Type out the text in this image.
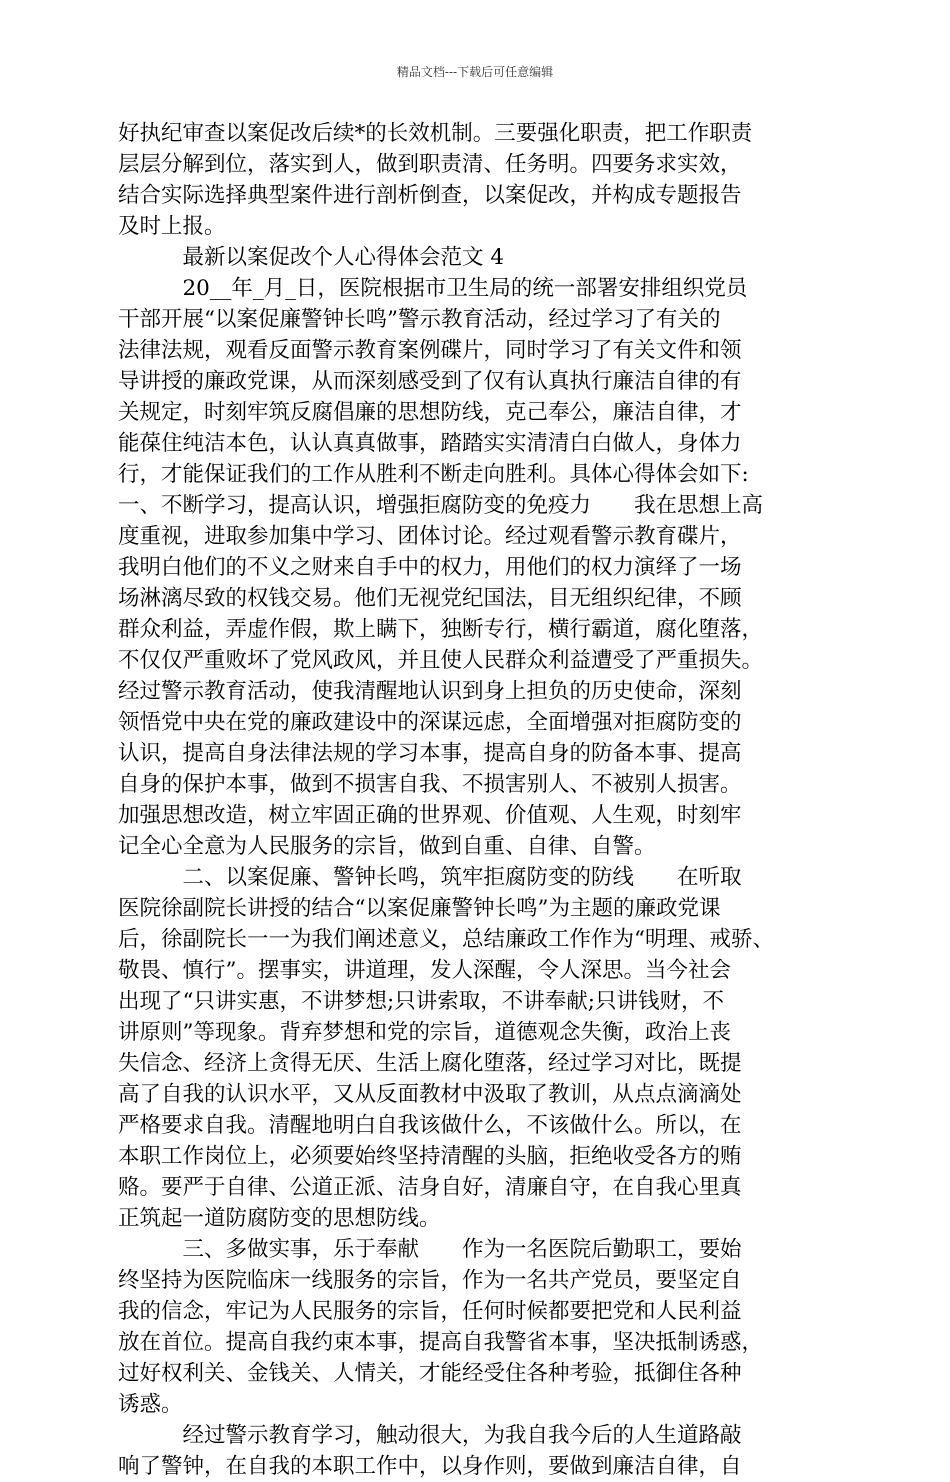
精品文档---下载后可任意编辑
好执纪审查以案促改后续*的长效机制。三要强化职责，把工作职责
层层分解到位，落实到人，做到职责清、任务明。四要务求实效，
结合实际选择典型案件进行剖析倒查，以案促改，并构成专题报告
及时上报。
　　　最新以案促改个人心得体会范文 4
　　　20__年_月_日，医院根据市卫生局的统一部署安排组织党员
干部开展“以案促廉警钟长鸣”警示教育活动，经过学习了有关的
法律法规，观看反面警示教育案例碟片，同时学习了有关文件和领
导讲授的廉政党课，从而深刻感受到了仅有认真执行廉洁自律的有
关规定，时刻牢筑反腐倡廉的思想防线，克己奉公，廉洁自律，才
能葆住纯洁本色，认认真真做事，踏踏实实清清白白做人，身体力
行，才能保证我们的工作从胜利不断走向胜利。具体心得体会如下:
一、不断学习，提高认识，增强拒腐防变的免疫力　　我在思想上高
度重视，进取参加集中学习、团体讨论。经过观看警示教育碟片，
我明白他们的不义之财来自手中的权力，用他们的权力演绎了一场
场淋漓尽致的权钱交易。他们无视党纪国法，目无组织纪律，不顾
群众利益，弄虚作假，欺上瞒下，独断专行，横行霸道，腐化堕落，
不仅仅严重败坏了党风政风，并且使人民群众利益遭受了严重损失。
经过警示教育活动，使我清醒地认识到身上担负的历史使命，深刻
领悟党中央在党的廉政建设中的深谋远虑，全面增强对拒腐防变的
认识，提高自身法律法规的学习本事，提高自身的防备本事、提高
自身的保护本事，做到不损害自我、不损害别人、不被别人损害。
加强思想改造，树立牢固正确的世界观、价值观、人生观，时刻牢
记全心全意为人民服务的宗旨，做到自重、自律、自警。
　　　二、以案促廉、警钟长鸣，筑牢拒腐防变的防线　　在听取
医院徐副院长讲授的结合“以案促廉警钟长鸣”为主题的廉政党课
后，徐副院长一一为我们阐述意义，总结廉政工作作为“明理、戒骄、
敬畏、慎行”。摆事实，讲道理，发人深醒，令人深思。当今社会
出现了“只讲实惠，不讲梦想;只讲索取，不讲奉献;只讲钱财，不
讲原则”等现象。背弃梦想和党的宗旨，道德观念失衡，政治上丧
失信念、经济上贪得无厌、生活上腐化堕落，经过学习对比，既提
高了自我的认识水平，又从反面教材中汲取了教训，从点点滴滴处
严格要求自我。清醒地明白自我该做什么，不该做什么。所以，在
本职工作岗位上，必须要始终坚持清醒的头脑，拒绝收受各方的贿
赂。要严于自律、公道正派、洁身自好，清廉自守，在自我心里真
正筑起一道防腐防变的思想防线。
　　　三、多做实事，乐于奉献　　作为一名医院后勤职工，要始
终坚持为医院临床一线服务的宗旨，作为一名共产党员，要坚定自
我的信念，牢记为人民服务的宗旨，任何时候都要把党和人民利益
放在首位。提高自我约束本事，提高自我警省本事，坚决抵制诱惑，
过好权利关、金钱关、人情关，才能经受住各种考验，抵御住各种
诱惑。
　　　经过警示教育学习，触动很大，为我自我今后的人生道路敲
响了警钟，在自我的本职工作中，以身作则，要做到廉洁自律，自
